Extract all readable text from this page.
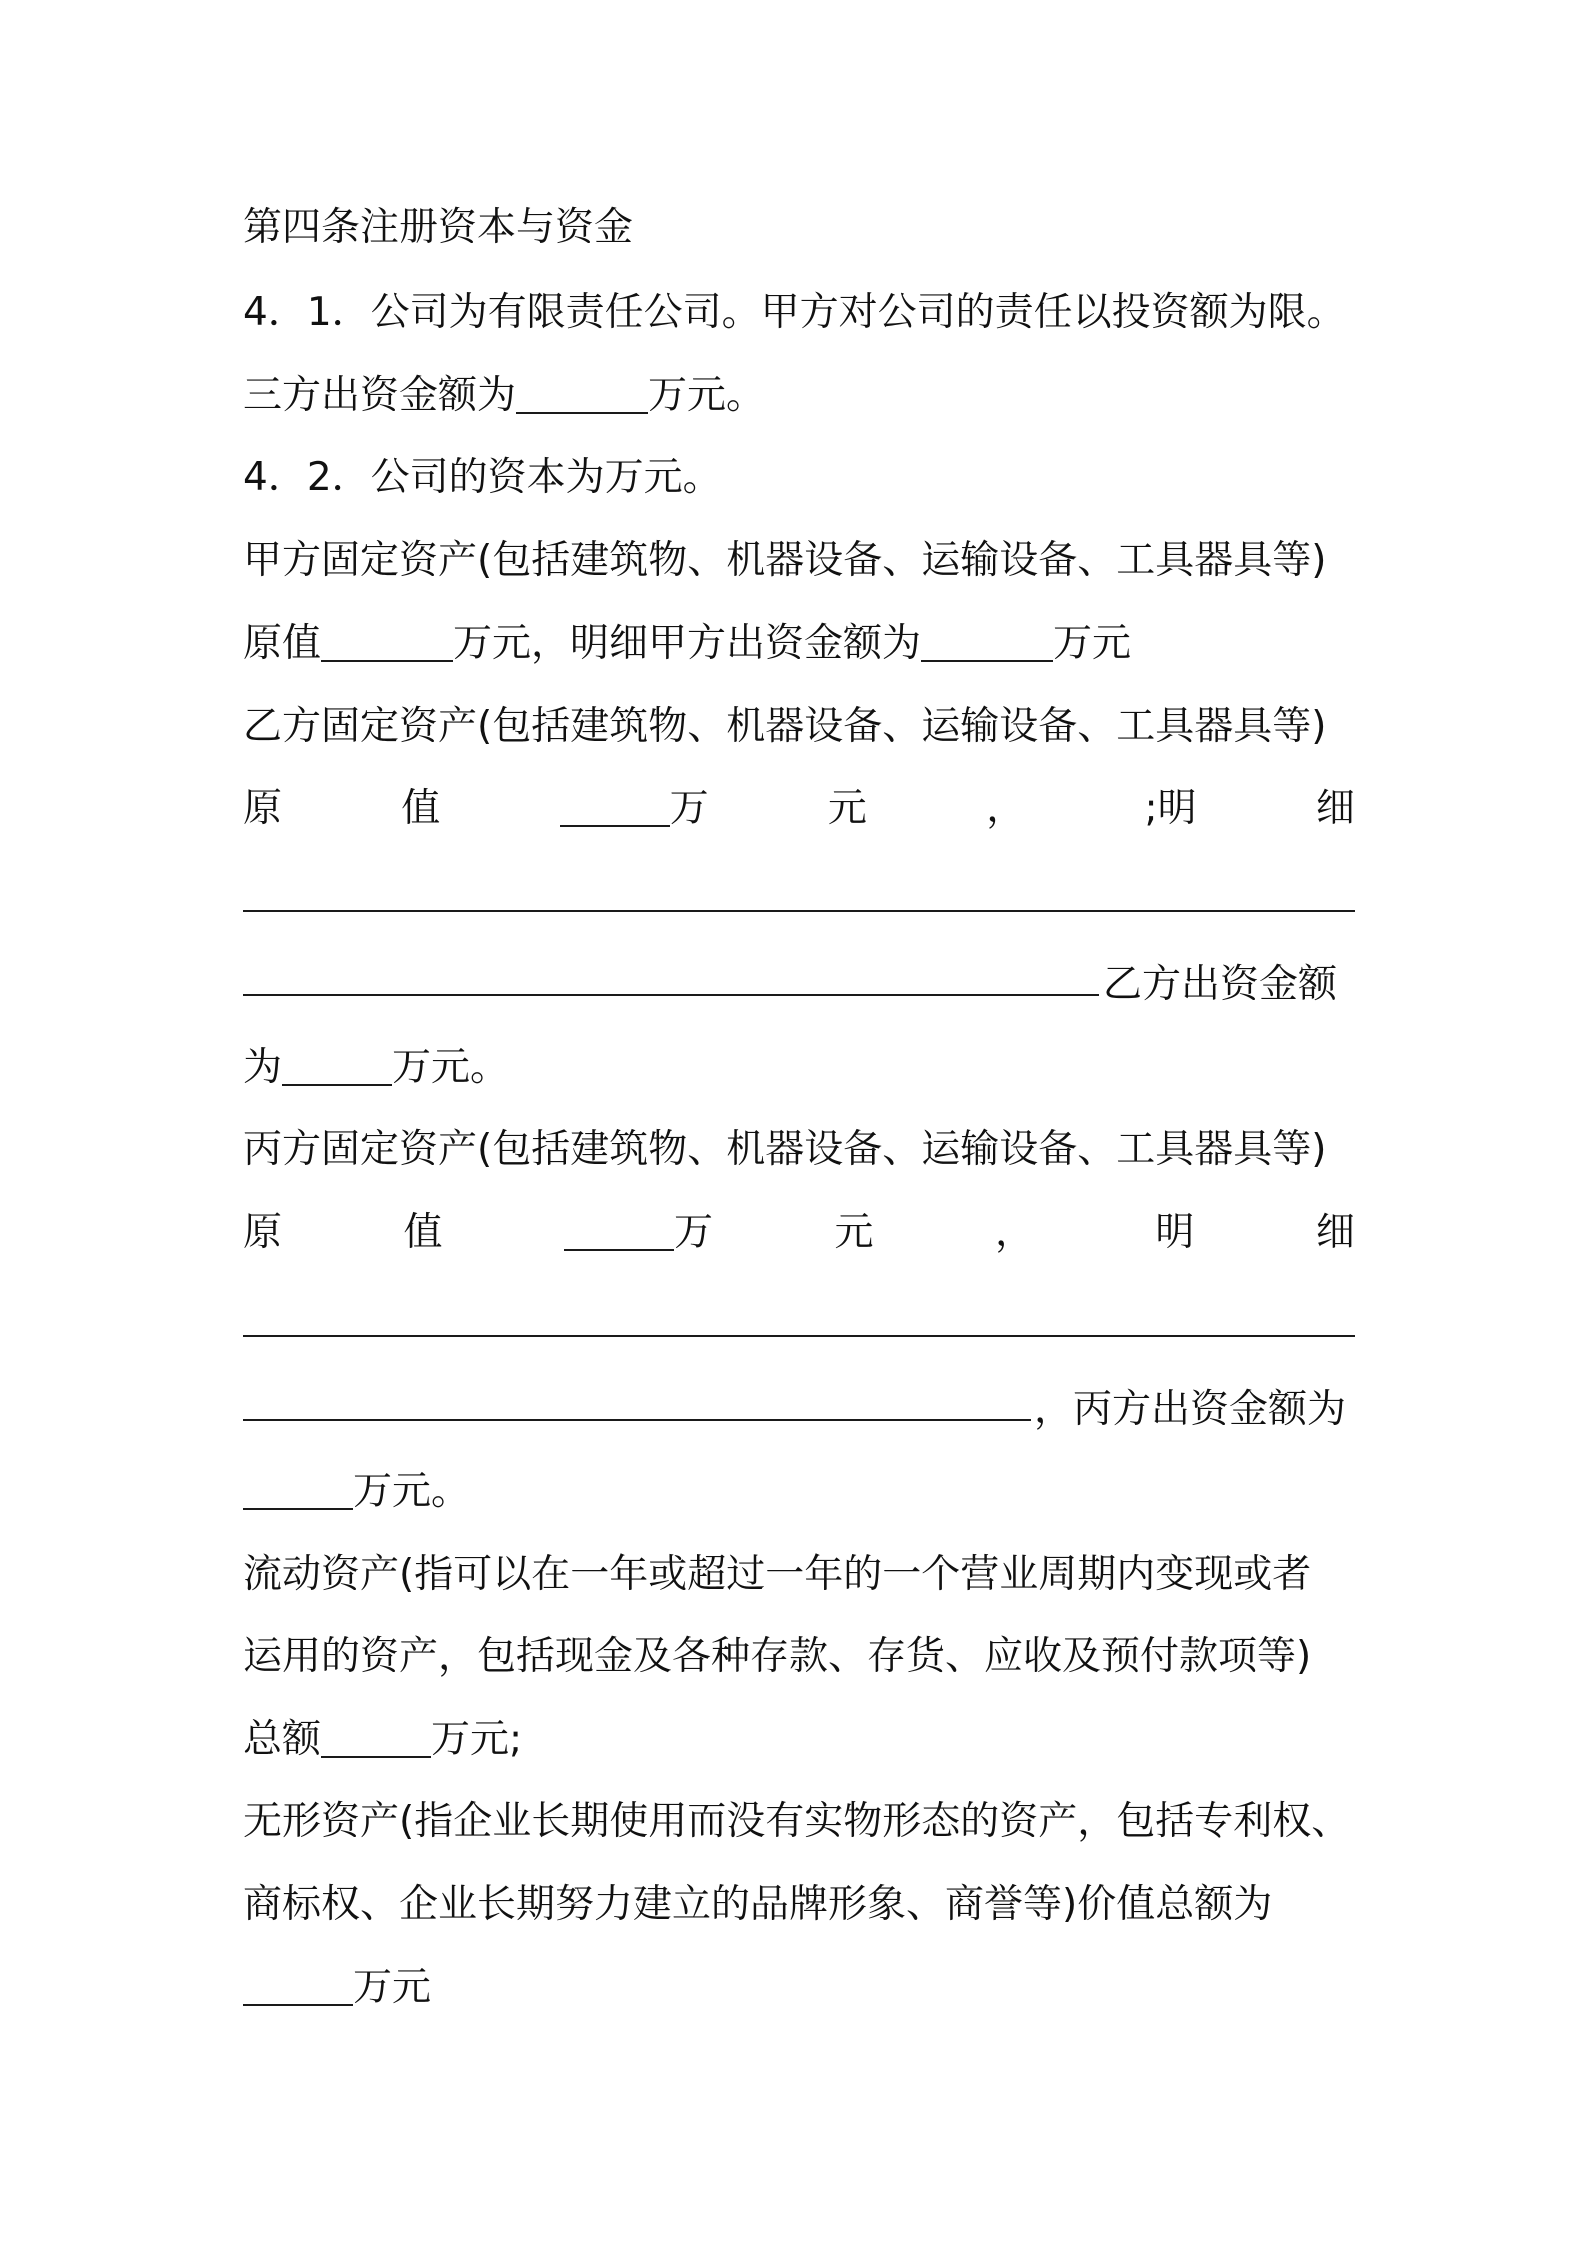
第四条注册资本与资金
4．1．公司为有限责任公司。甲方对公司的责任以投资额为限。
三方出资金额为	万元。
4．2．公司的资本为万元。
甲方固定资产(包括建筑物、机器设备、运输设备、工具器具等)
原值	万元，明细甲方出资金额为	万元
乙方固定资产(包括建筑物、机器设备、运输设备、工具器具等)
原	值	万	元	，	;明	细
乙方出资金额
为	万元。
丙方固定资产(包括建筑物、机器设备、运输设备、工具器具等)
原	值	万	元	，	明	细
，丙方出资金额为
万元。
流动资产(指可以在一年或超过一年的一个营业周期内变现或者
运用的资产，包括现金及各种存款、存货、应收及预付款项等)
总额	万元;
无形资产(指企业长期使用而没有实物形态的资产，包括专利权、
商标权、企业长期努力建立的品牌形象、商誉等)价值总额为
万元
